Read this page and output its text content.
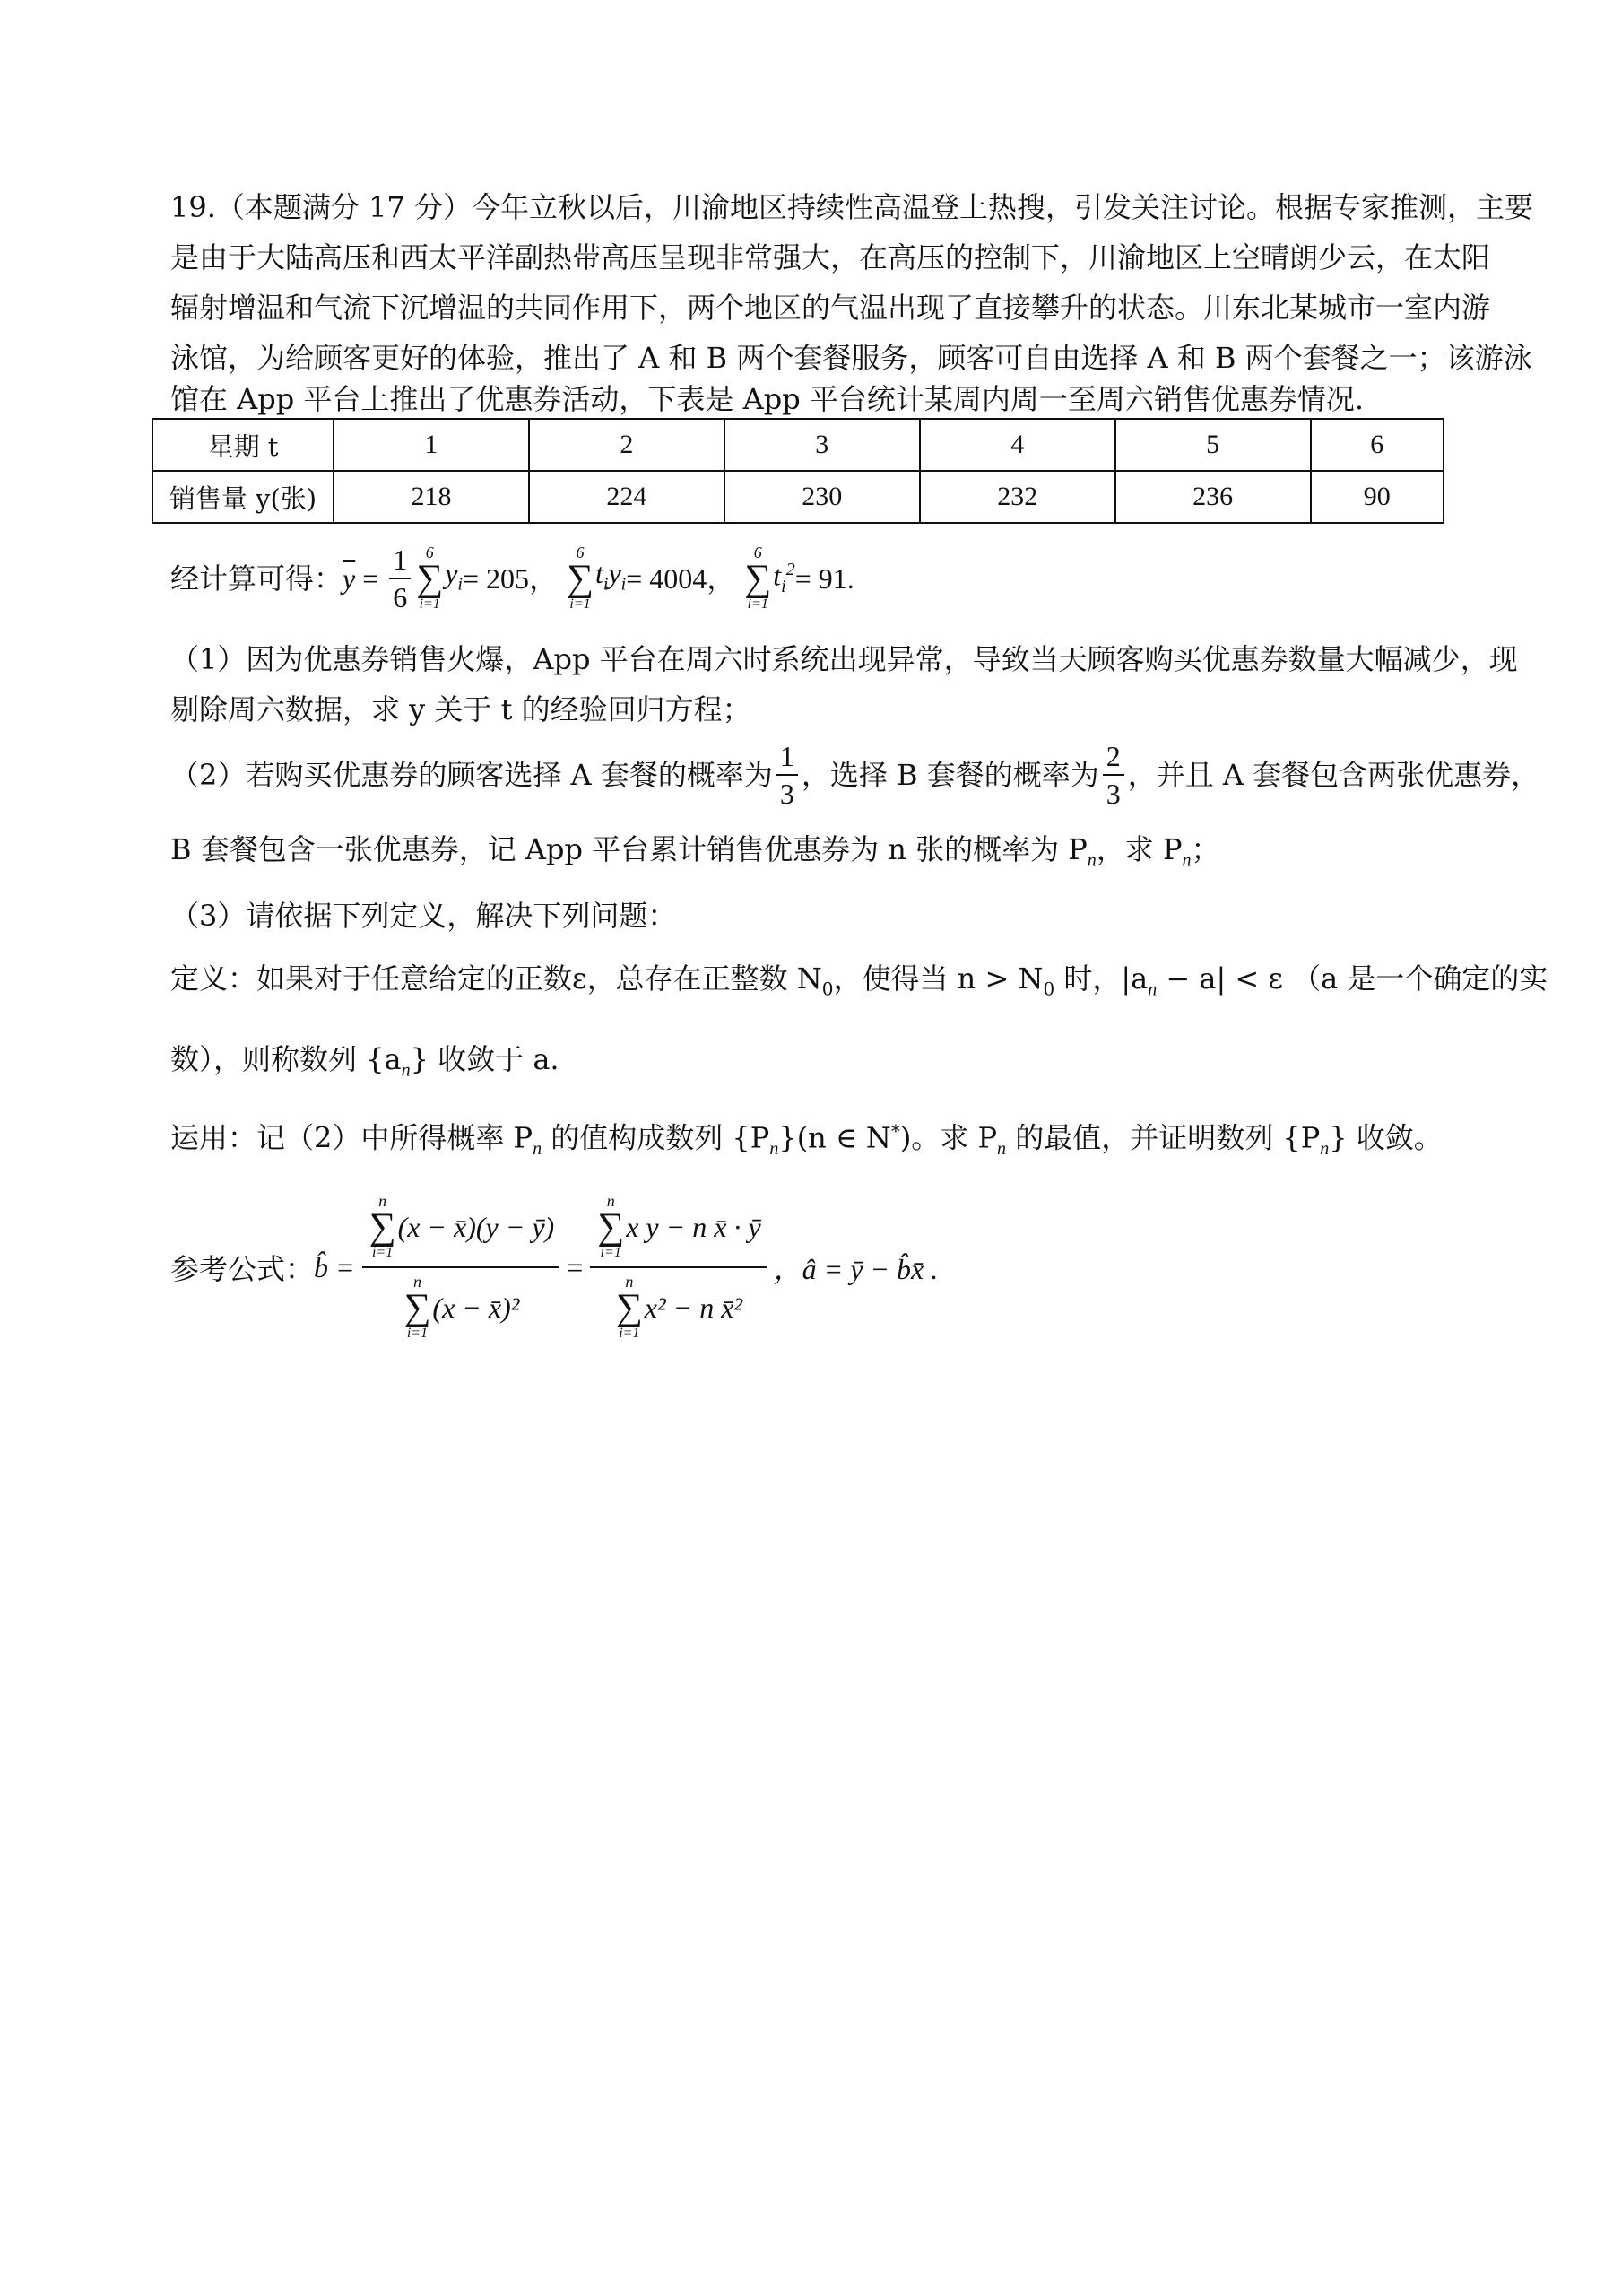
19.（本题满分 17 分）今年立秋以后，川渝地区持续性高温登上热搜，引发关注讨论。根据专家推测，主要
是由于大陆高压和西太平洋副热带高压呈现非常强大，在高压的控制下，川渝地区上空晴朗少云，在太阳
辐射增温和气流下沉增温的共同作用下，两个地区的气温出现了直接攀升的状态。川东北某城市一室内游
泳馆，为给顾客更好的体验，推出了 A 和 B 两个套餐服务，顾客可自由选择 A 和 B 两个套餐之一；该游泳
馆在 App 平台上推出了优惠券活动，下表是 App 平台统计某周内周一至周六销售优惠券情况.
星期 t	1	2	3	4	5	6
销售量 y(张)	218	224	230	232	236	90
经计算可得： $\overline{y} = \frac{1}{6} 6$
∑
i=1
$y_i = 205$ ，
6
∑
i=1
$t_iy_i = 4004$ ，
6
∑
i=1
$t_i^2 = 91$ .
（1）因为优惠券销售火爆，App 平台在周六时系统出现异常，导致当天顾客购买优惠券数量大幅减少，现
剔除周六数据，求 y 关于 t 的经验回归方程；
（2）若购买优惠券的顾客选择 A 套餐的概率为 $\frac{1}{3}$ ，选择 B 套餐的概率为 $\frac{2}{3}$ ，并且 A 套餐包含两张优惠券，
B 套餐包含一张优惠券，记 App 平台累计销售优惠券为 n 张的概率为 $P_n$，求 $P_n$；
（3）请依据下列定义，解决下列问题：
定义：如果对于任意给定的正数ε，总存在正整数 $N_0$，使得当 $n > N_0$ 时，$|a_n - a| < \varepsilon$ （a 是一个确定的实
数），则称数列 $\{a_n\}$ 收敛于 a.
运用：记（2）中所得概率 $P_n$ 的值构成数列 $\{P_n\}(n$ ∈ N*)。求 $P_n$ 的最值，并证明数列 $\{P_n\}$ 收敛。
参考公式： b̂ = n
∑
i=1
(x − x̄)(y − ȳ)
n
∑
i=1
(x − x̄)² = n
∑
i=1
x y − n x̄ · ȳ
n
∑
i=1
x² − n x̄² ，â = ȳ − b̂x̄ .
